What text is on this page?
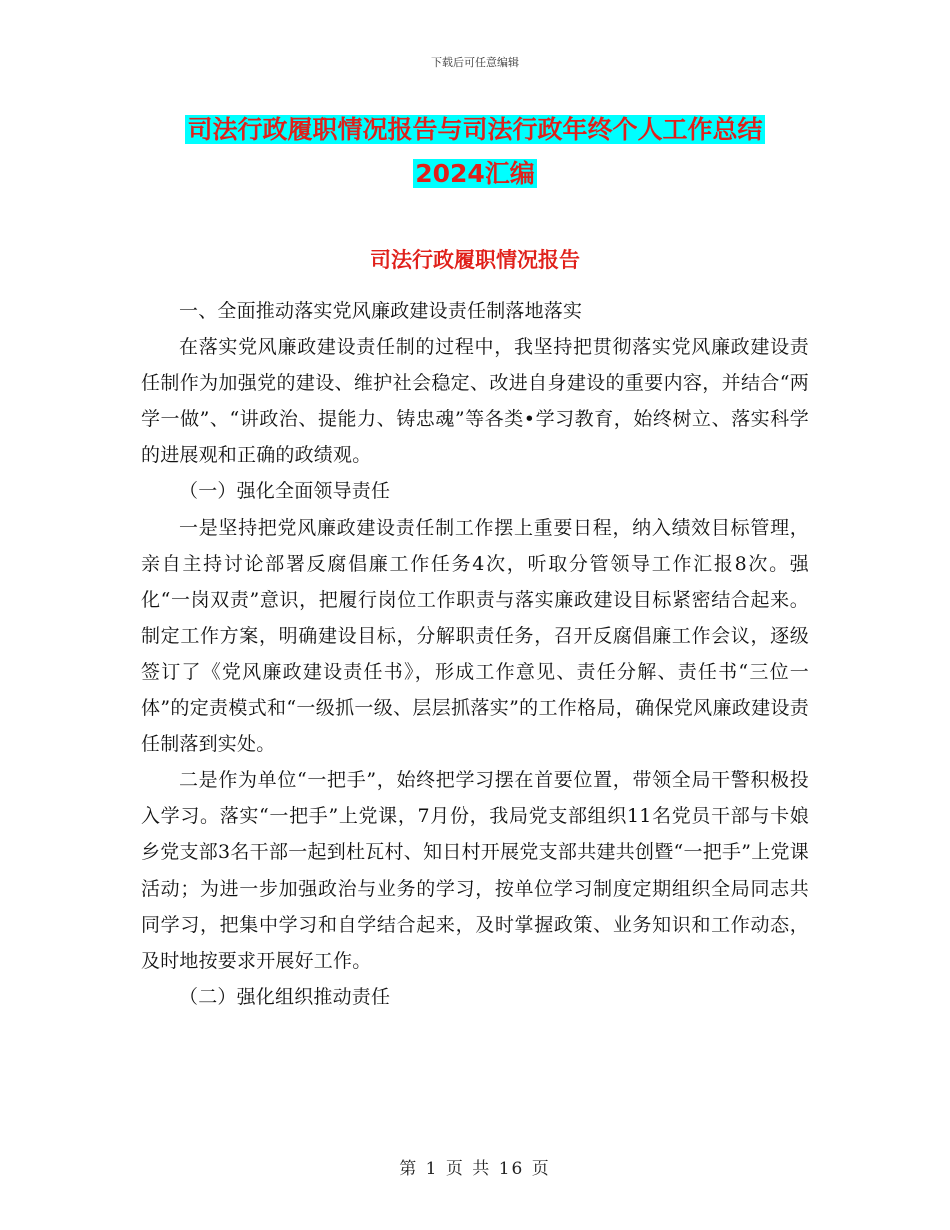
下载后可任意编辑
司法行政履职情况报告与司法行政年终个人工作总结
2024汇编
司法行政履职情况报告

一、全面推动落实党风廉政建设责任制落地落实

在落实党风廉政建设责任制的过程中，我坚持把贯彻落实党风廉政建设责任制作为加强党的建设、维护社会稳定、改进自身建设的重要内容，并结合“两学一做”、“讲政治、提能力、铸忠魂”等各类•学习教育，始终树立、落实科学的进展观和正确的政绩观。

（一）强化全面领导责任

一是坚持把党风廉政建设责任制工作摆上重要日程，纳入绩效目标管理，亲自主持讨论部署反腐倡廉工作任务4次，听取分管领导工作汇报8次。强化“一岗双责”意识，把履行岗位工作职责与落实廉政建设目标紧密结合起来。制定工作方案，明确建设目标，分解职责任务，召开反腐倡廉工作会议，逐级签订了《党风廉政建设责任书》，形成工作意见、责任分解、责任书“三位一体”的定责模式和“一级抓一级、层层抓落实”的工作格局，确保党风廉政建设责任制落到实处。

二是作为单位“一把手”，始终把学习摆在首要位置，带领全局干警积极投入学习。落实“一把手”上党课，7月份，我局党支部组织11名党员干部与卡娘乡党支部3名干部一起到杜瓦村、知日村开展党支部共建共创暨“一把手”上党课活动；为进一步加强政治与业务的学习，按单位学习制度定期组织全局同志共同学习，把集中学习和自学结合起来，及时掌握政策、业务知识和工作动态，及时地按要求开展好工作。

（二）强化组织推动责任

第 1 页 共 16 页
